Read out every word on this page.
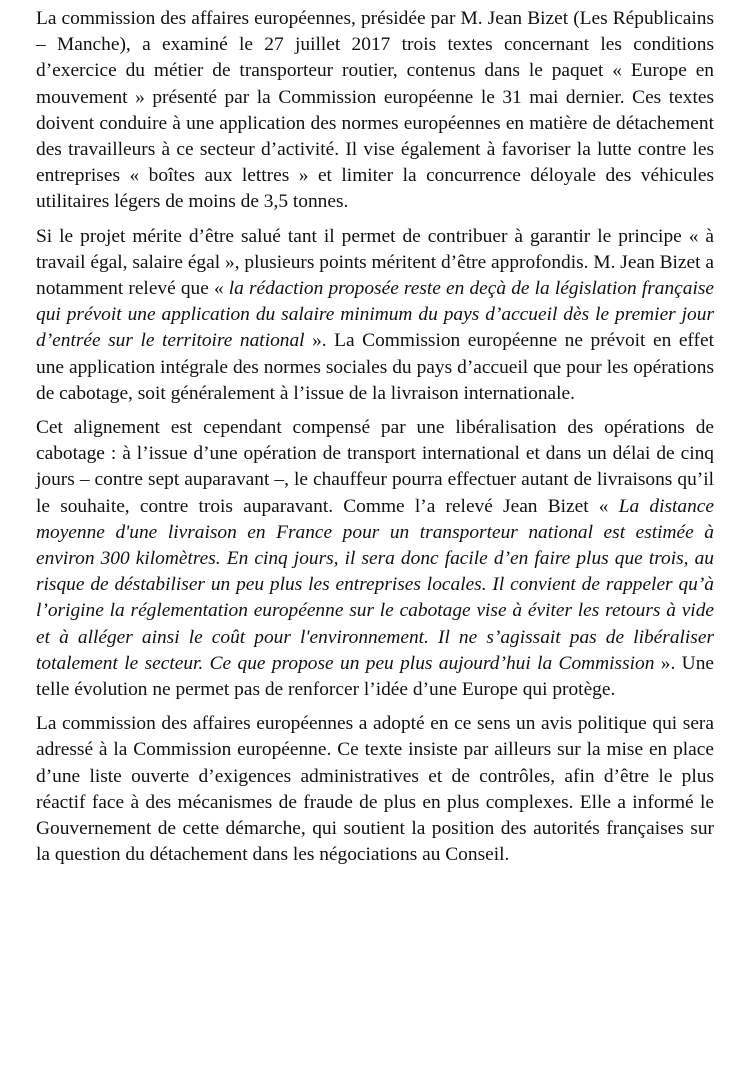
La commission des affaires européennes, présidée par M. Jean Bizet (Les Républicains – Manche), a examiné le 27 juillet 2017 trois textes concernant les conditions d’exercice du métier de transporteur routier, contenus dans le paquet « Europe en mouvement » présenté par la Commission européenne le 31 mai dernier. Ces textes doivent conduire à une application des normes européennes en matière de détachement des travailleurs à ce secteur d’activité. Il vise également à favoriser la lutte contre les entreprises « boîtes aux lettres » et limiter la concurrence déloyale des véhicules utilitaires légers de moins de 3,5 tonnes.

Si le projet mérite d’être salué tant il permet de contribuer à garantir le principe « à travail égal, salaire égal », plusieurs points méritent d’être approfondis. M. Jean Bizet a notamment relevé que « la rédaction proposée reste en deçà de la législation française qui prévoit une application du salaire minimum du pays d’accueil dès le premier jour d’entrée sur le territoire national ». La Commission européenne ne prévoit en effet une application intégrale des normes sociales du pays d’accueil que pour les opérations de cabotage, soit généralement à l’issue de la livraison internationale.

Cet alignement est cependant compensé par une libéralisation des opérations de cabotage : à l’issue d’une opération de transport international et dans un délai de cinq jours – contre sept auparavant –, le chauffeur pourra effectuer autant de livraisons qu’il le souhaite, contre trois auparavant. Comme l’a relevé Jean Bizet « La distance moyenne d'une livraison en France pour un transporteur national est estimée à environ 300 kilomètres. En cinq jours, il sera donc facile d’en faire plus que trois, au risque de déstabiliser un peu plus les entreprises locales. Il convient de rappeler qu’à l’origine la réglementation européenne sur le cabotage vise à éviter les retours à vide et à alléger ainsi le coût pour l'environnement. Il ne s’agissait pas de libéraliser totalement le secteur. Ce que propose un peu plus aujourd’hui la Commission ». Une telle évolution ne permet pas de renforcer l’idée d’une Europe qui protège.

La commission des affaires européennes a adopté en ce sens un avis politique qui sera adressé à la Commission européenne. Ce texte insiste par ailleurs sur la mise en place d’une liste ouverte d’exigences administratives et de contrôles, afin d’être le plus réactif face à des mécanismes de fraude de plus en plus complexes. Elle a informé le Gouvernement de cette démarche, qui soutient la position des autorités françaises sur la question du détachement dans les négociations au Conseil.
